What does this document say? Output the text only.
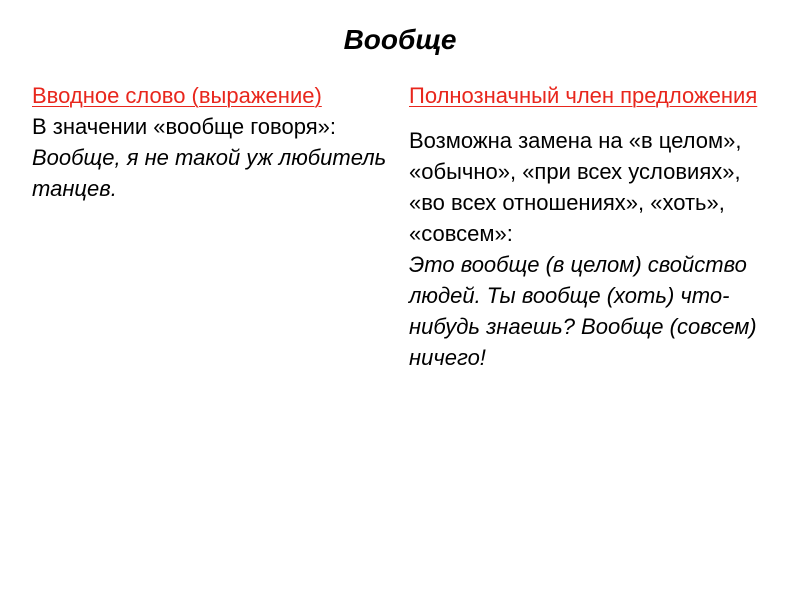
Вообще
Вводное слово (выражение)
В значении «вообще говоря»: Вообще, я не такой уж любитель танцев.
Полнозначный член предложения
Возможна замена на «в целом», «обычно», «при всех условиях», «во всех отношениях», «хоть», «совсем»:
Это вообще (в целом) свойство людей. Ты вообще (хоть) что-нибудь знаешь? Вообще (совсем) ничего!
